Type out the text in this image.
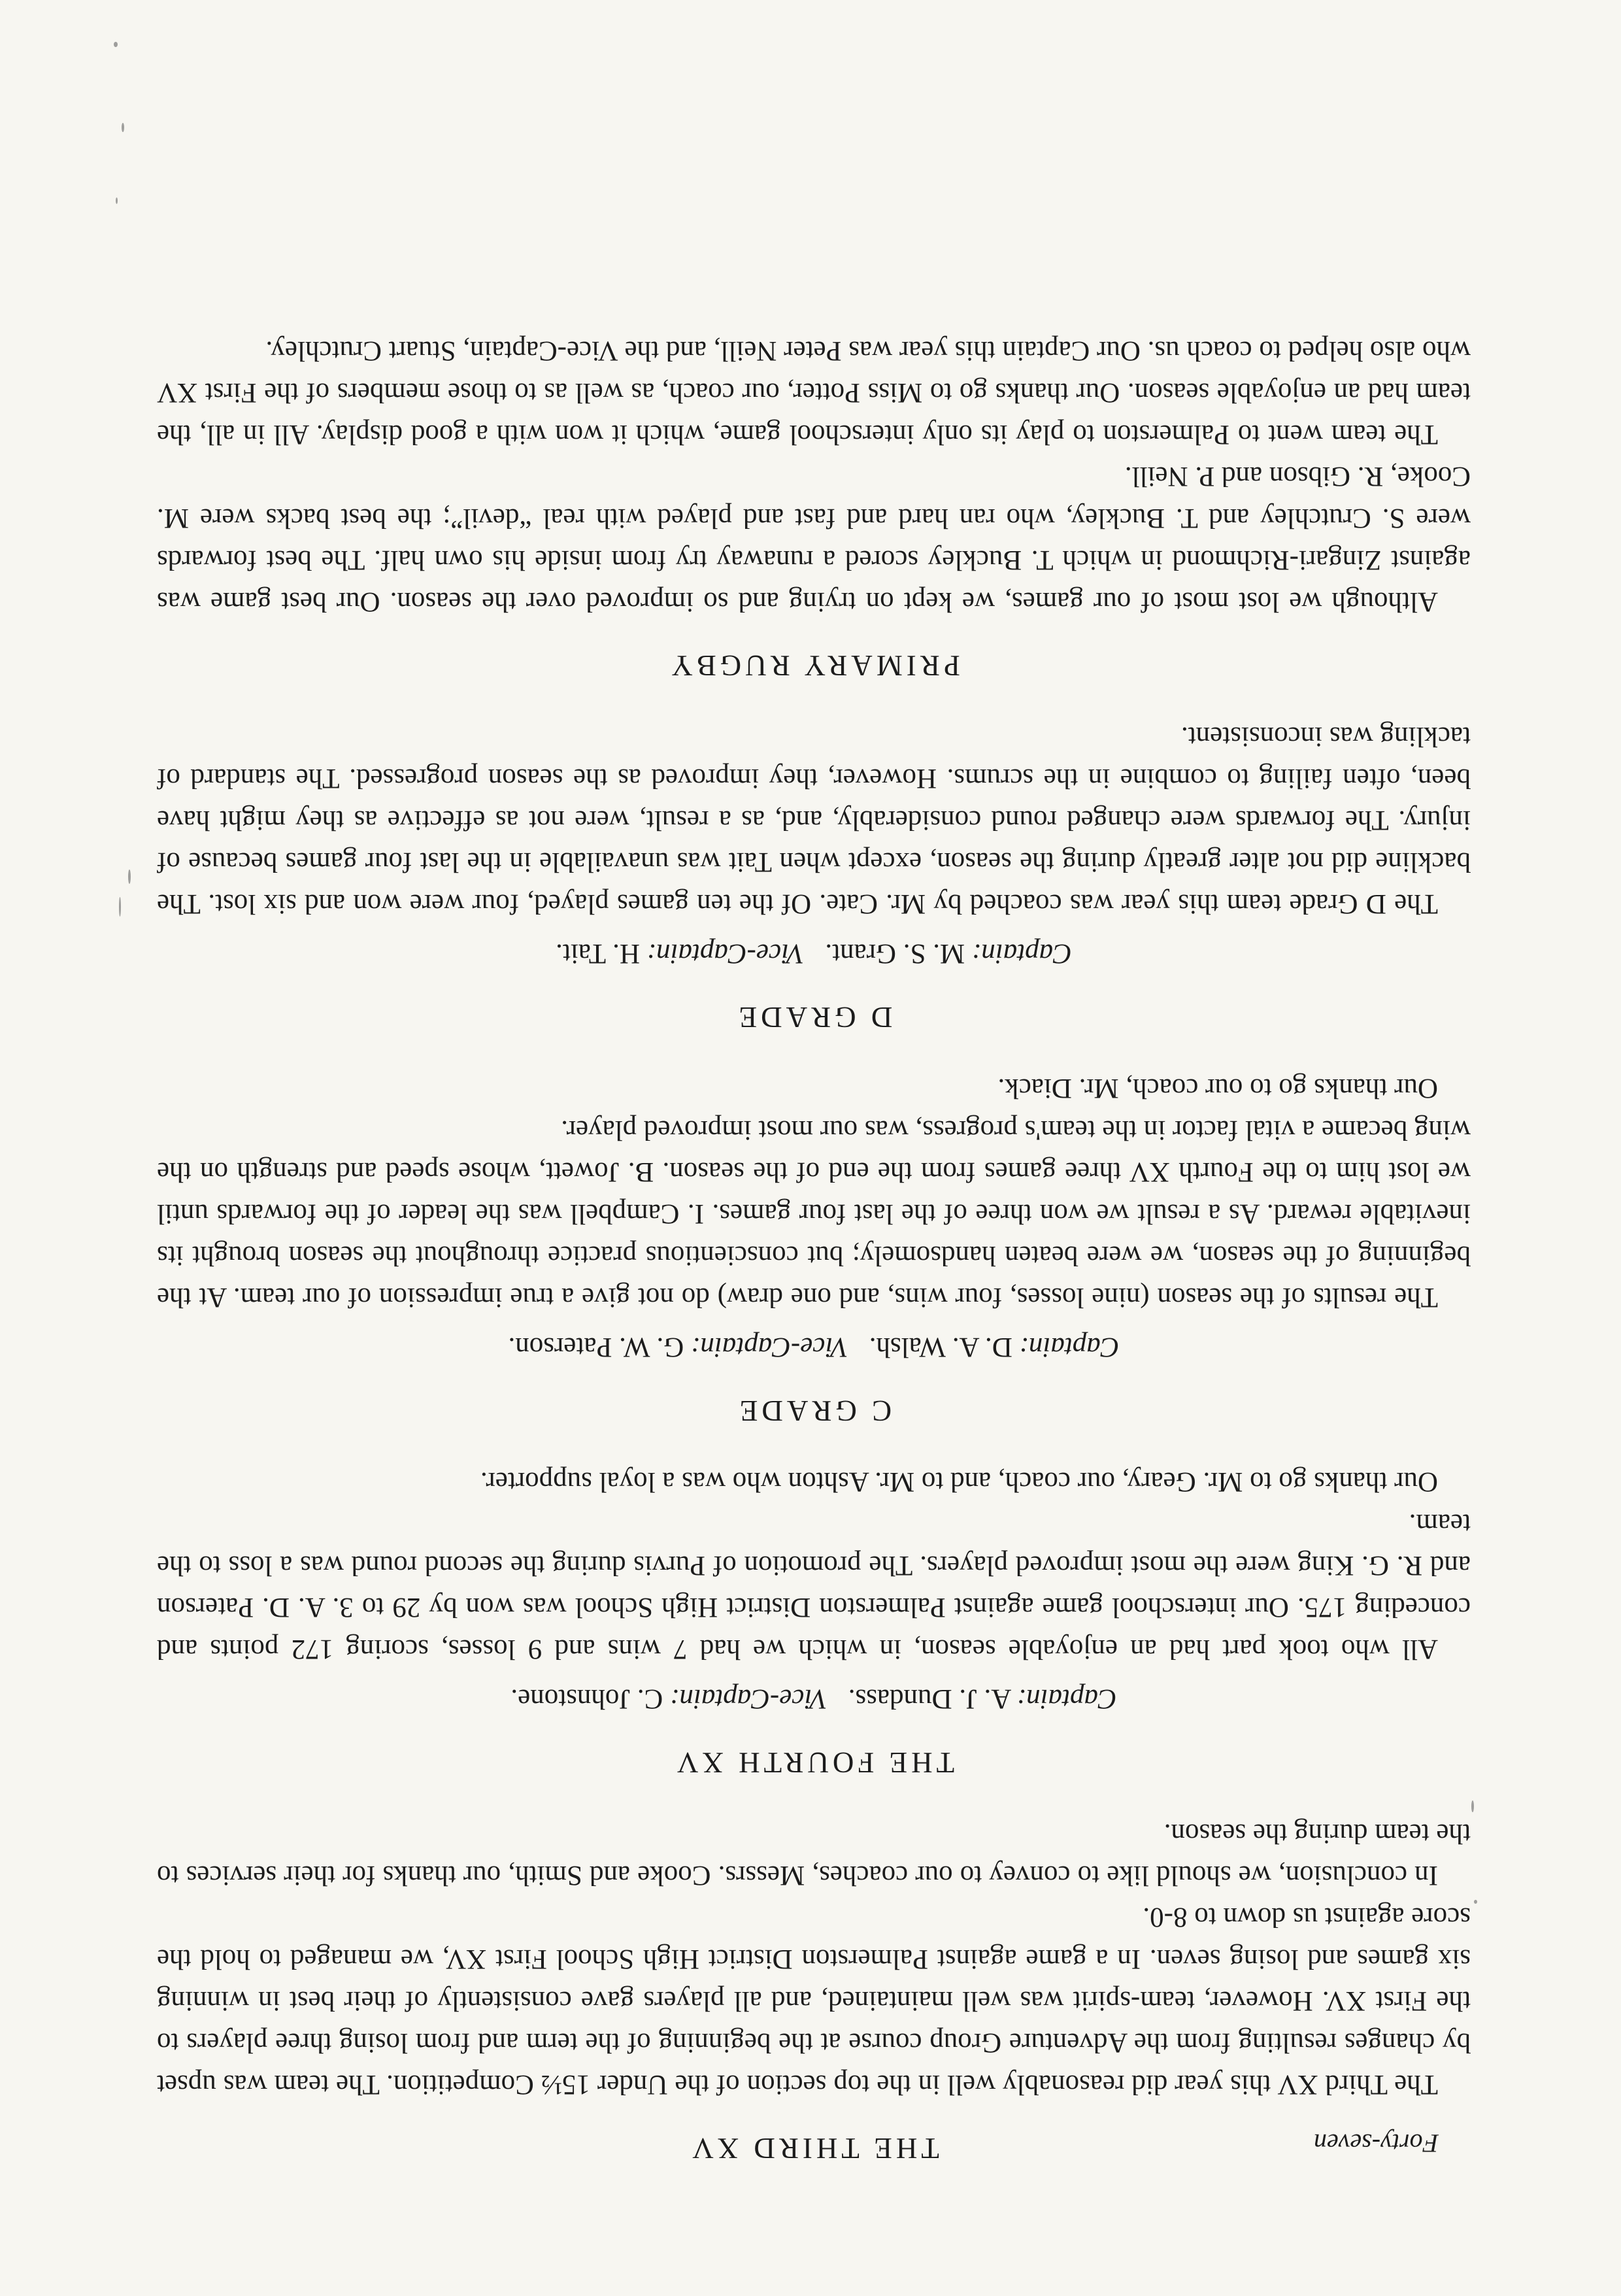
THE THIRD XV

The Third XV this year did reasonably well in the top section of the Under 15½ Competition. The team was upset by changes resulting from the Adventure Group course at the beginning of the term and from losing three players to the First XV. However, team-spirit was well maintained, and all players gave consistently of their best in winning six games and losing seven. In a game against Palmerston District High School First XV, we managed to hold the score against us down to 8-0.

In conclusion, we should like to convey to our coaches, Messrs. Cooke and Smith, our thanks for their services to the team during the season.

THE FOURTH XV
Captain: A. J. Dundass.   Vice-Captain: C. Johnstone.

All who took part had an enjoyable season, in which we had 7 wins and 9 losses, scoring 172 points and conceding 175. Our interschool game against Palmerston District High School was won by 29 to 3. A. D. Paterson and R. G. King were the most improved players. The promotion of Purvis during the second round was a loss to the team.

Our thanks go to Mr. Geary, our coach, and to Mr. Ashton who was a loyal supporter.

C GRADE
Captain: D. A. Walsh.   Vice-Captain: G. W. Paterson.

The results of the season (nine losses, four wins, and one draw) do not give a true impression of our team. At the beginning of the season, we were beaten handsomely; but conscientious practice throughout the season brought its inevitable reward. As a result we won three of the last four games. I. Campbell was the leader of the forwards until we lost him to the Fourth XV three games from the end of the season. B. Jowett, whose speed and strength on the wing became a vital factor in the team's progress, was our most improved player.

Our thanks go to our coach, Mr. Diack.

D GRADE
Captain: M. S. Grant.   Vice-Captain: H. Tait.

The D Grade team this year was coached by Mr. Cate. Of the ten games played, four were won and six lost. The backline did not alter greatly during the season, except when Tait was unavailable in the last four games because of injury. The forwards were changed round considerably, and, as a result, were not as effective as they might have been, often failing to combine in the scrums. However, they improved as the season progressed. The standard of tackling was inconsistent.

PRIMARY RUGBY

Although we lost most of our games, we kept on trying and so improved over the season. Our best game was against Zingari-Richmond in which T. Buckley scored a runaway try from inside his own half. The best forwards were S. Crutchley and T. Buckley, who ran hard and fast and played with real “devil”; the best backs were M. Cooke, R. Gibson and P. Neill.

The team went to Palmerston to play its only interschool game, which it won with a good display. All in all, the team had an enjoyable season. Our thanks go to Miss Potter, our coach, as well as to those members of the First XV who also helped to coach us. Our Captain this year was Peter Neill, and the Vice-Captain, Stuart Crutchley.

Forty-seven
